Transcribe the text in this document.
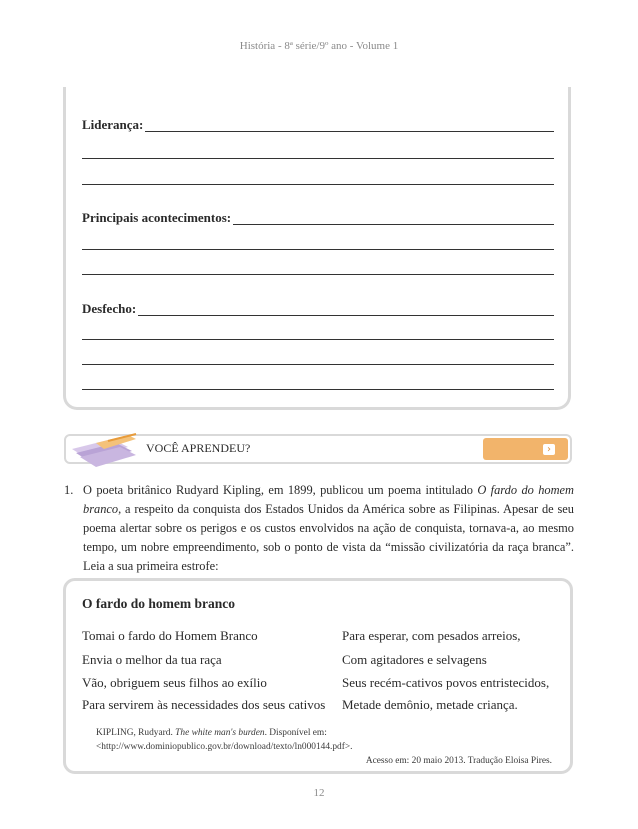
História - 8ª série/9º ano - Volume 1
Liderança:
Principais acontecimentos:
Desfecho:
VOCÊ APRENDEU?	›
1. O poeta britânico Rudyard Kipling, em 1899, publicou um poema intitulado O fardo do homem branco, a respeito da conquista dos Estados Unidos da América sobre as Filipinas. Apesar de seu poema alertar sobre os perigos e os custos envolvidos na ação de conquista, tornava-a, ao mesmo tempo, um nobre empreendimento, sob o ponto de vista da “missão civilizatória da raça branca”. Leia a sua primeira estrofe:
O fardo do homem branco
Tomai o fardo do Homem Branco
Envia o melhor da tua raça
Vão, obriguem seus filhos ao exílio
Para servirem às necessidades dos seus cativos
Para esperar, com pesados arreios,
Com agitadores e selvagens
Seus recém-cativos povos entristecidos,
Metade demônio, metade criança.
KIPLING, Rudyard. The white man's burden. Disponível em: <http://www.dominiopublico.gov.br/download/texto/ln000144.pdf>.
Acesso em: 20 maio 2013. Tradução Eloisa Pires.
12
